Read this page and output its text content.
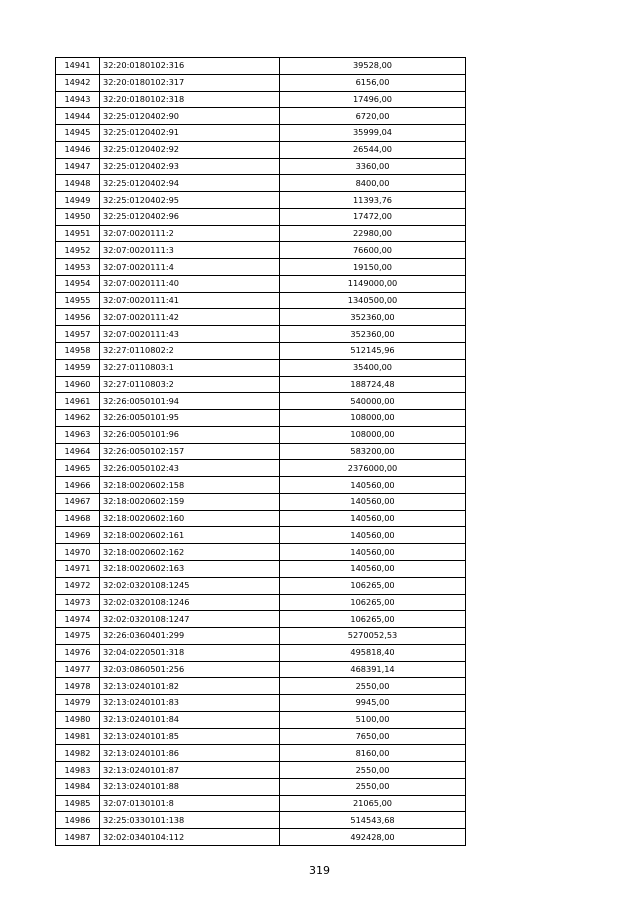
14941	32:20:0180102:316	39528,00
14942	32:20:0180102:317	6156,00
14943	32:20:0180102:318	17496,00
14944	32:25:0120402:90	6720,00
14945	32:25:0120402:91	35999,04
14946	32:25:0120402:92	26544,00
14947	32:25:0120402:93	3360,00
14948	32:25:0120402:94	8400,00
14949	32:25:0120402:95	11393,76
14950	32:25:0120402:96	17472,00
14951	32:07:0020111:2	22980,00
14952	32:07:0020111:3	76600,00
14953	32:07:0020111:4	19150,00
14954	32:07:0020111:40	1149000,00
14955	32:07:0020111:41	1340500,00
14956	32:07:0020111:42	352360,00
14957	32:07:0020111:43	352360,00
14958	32:27:0110802:2	512145,96
14959	32:27:0110803:1	35400,00
14960	32:27:0110803:2	188724,48
14961	32:26:0050101:94	540000,00
14962	32:26:0050101:95	108000,00
14963	32:26:0050101:96	108000,00
14964	32:26:0050102:157	583200,00
14965	32:26:0050102:43	2376000,00
14966	32:18:0020602:158	140560,00
14967	32:18:0020602:159	140560,00
14968	32:18:0020602:160	140560,00
14969	32:18:0020602:161	140560,00
14970	32:18:0020602:162	140560,00
14971	32:18:0020602:163	140560,00
14972	32:02:0320108:1245	106265,00
14973	32:02:0320108:1246	106265,00
14974	32:02:0320108:1247	106265,00
14975	32:26:0360401:299	5270052,53
14976	32:04:0220501:318	495818,40
14977	32:03:0860501:256	468391,14
14978	32:13:0240101:82	2550,00
14979	32:13:0240101:83	9945,00
14980	32:13:0240101:84	5100,00
14981	32:13:0240101:85	7650,00
14982	32:13:0240101:86	8160,00
14983	32:13:0240101:87	2550,00
14984	32:13:0240101:88	2550,00
14985	32:07:0130101:8	21065,00
14986	32:25:0330101:138	514543,68
14987	32:02:0340104:112	492428,00
319
